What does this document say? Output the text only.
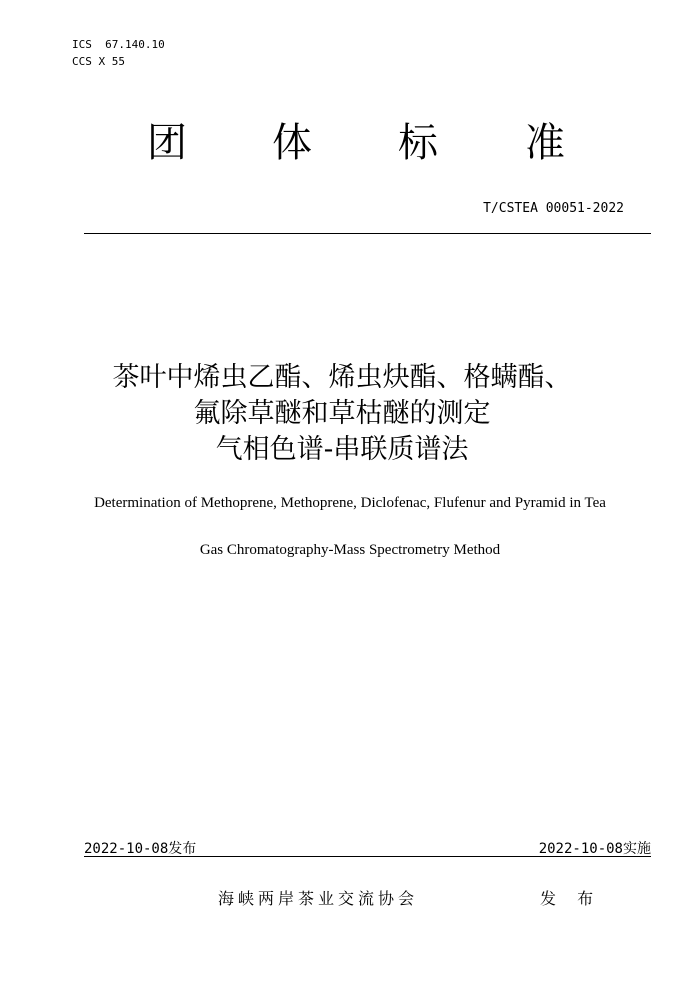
ICS  67.140.10
CCS X 55
团 体 标 准
T/CSTEA 00051-2022
茶叶中烯虫乙酯、烯虫炔酯、格螨酯、
氟除草醚和草枯醚的测定
气相色谱-串联质谱法
Determination of Methoprene, Methoprene, Diclofenac, Flufenur and Pyramid in Tea
Gas Chromatography-Mass Spectrometry Method
2022-10-08发布	2022-10-08实施
海峡两岸茶业交流协会	发 布
